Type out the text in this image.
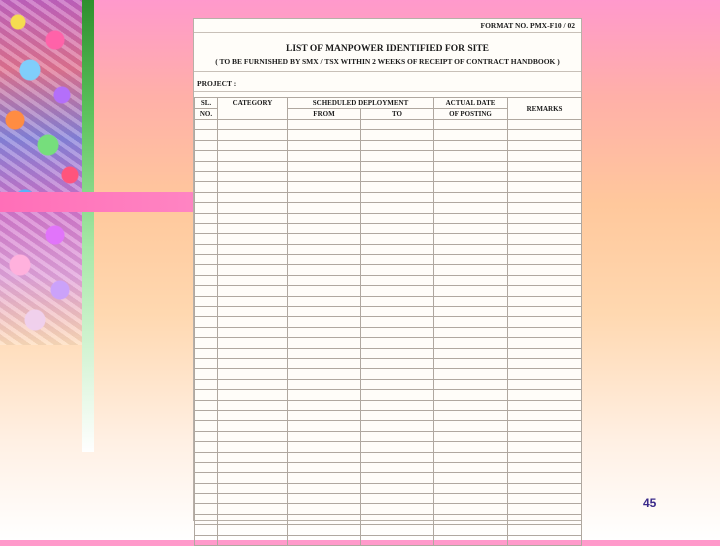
FORMAT NO. PMX-F10 / 02
LIST OF MANPOWER IDENTIFIED FOR SITE
( TO BE FURNISHED BY SMX / TSX WITHIN 2 WEEKS OF RECEIPT OF CONTRACT HANDBOOK )
PROJECT :
SL.	CATEGORY	SCHEDULED DEPLOYMENT		ACTUAL DATE	REMARKS
NO.		FROM	TO	OF POSTING	

45
